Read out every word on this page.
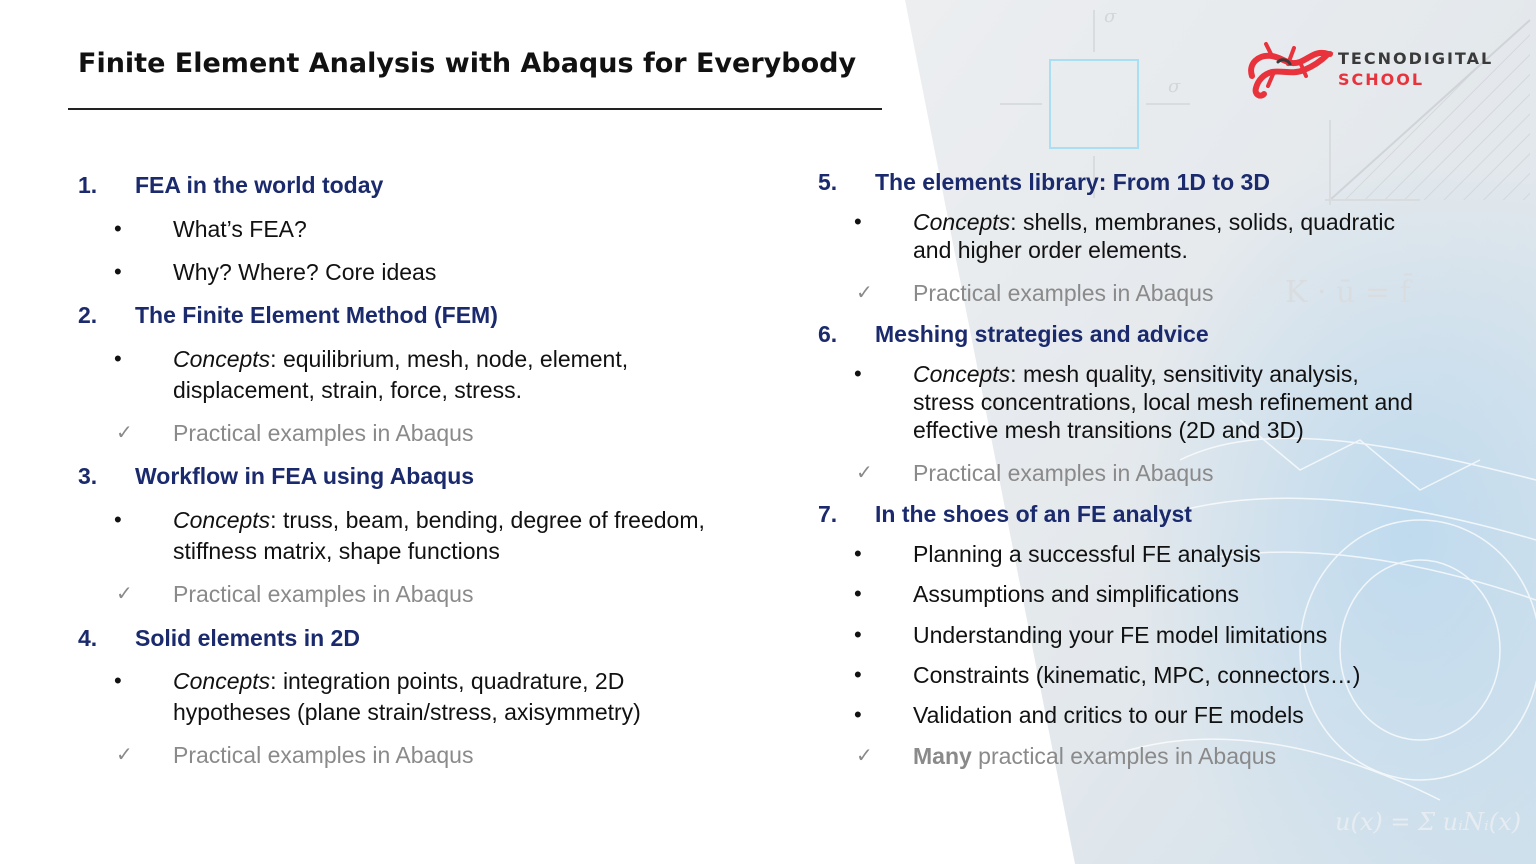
σ
σ
K · ū = f̄
u(x) = Σ uᵢNᵢ(x)
Finite Element Analysis with Abaqus for Everybody	TECNODIGITAL
SCHOOL
1. FEA in the world today
• What’s FEA?
• Why? Where? Core ideas
2. The Finite Element Method (FEM)
• Concepts: equilibrium, mesh, node, element,
displacement, strain, force, stress.
✓ Practical examples in Abaqus
3. Workflow in FEA using Abaqus
• Concepts: truss, beam, bending, degree of freedom,
stiffness matrix, shape functions
✓ Practical examples in Abaqus
4. Solid elements in 2D
• Concepts: integration points, quadrature, 2D
hypotheses (plane strain/stress, axisymmetry)
✓ Practical examples in Abaqus
5. The elements library: From 1D to 3D
• Concepts: shells, membranes, solids, quadratic
and higher order elements.
✓ Practical examples in Abaqus
6. Meshing strategies and advice
• Concepts: mesh quality, sensitivity analysis,
stress concentrations, local mesh refinement and
effective mesh transitions (2D and 3D)
✓ Practical examples in Abaqus
7. In the shoes of an FE analyst
• Planning a successful FE analysis
• Assumptions and simplifications
• Understanding your FE model limitations
• Constraints (kinematic, MPC, connectors…)
• Validation and critics to our FE models
✓ Many practical examples in Abaqus
